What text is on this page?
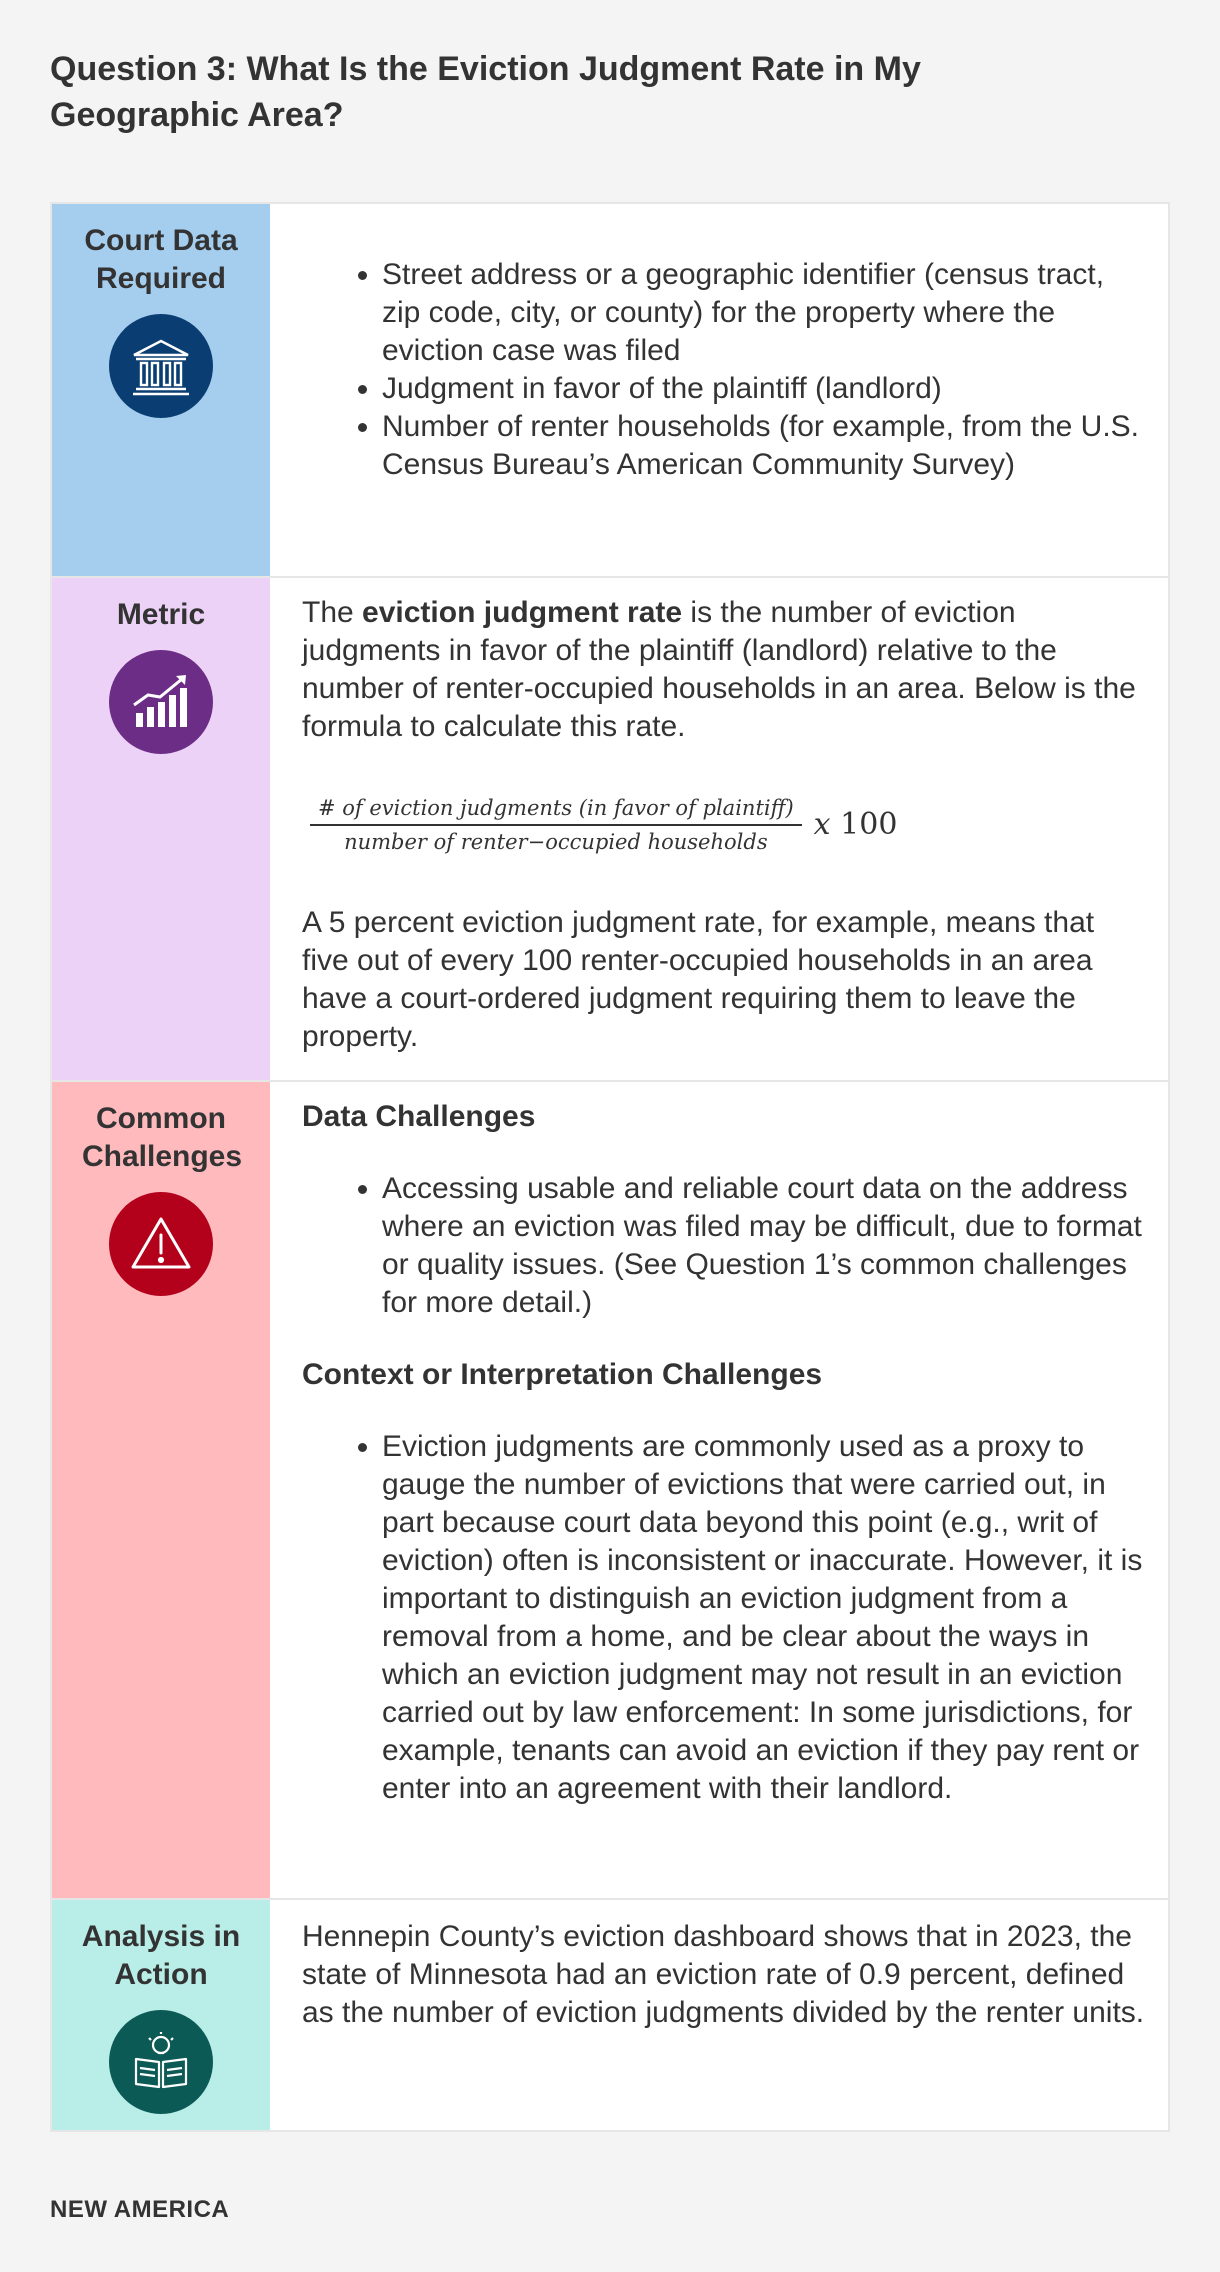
Question 3: What Is the Eviction Judgment Rate in My Geographic Area?
Court Data Required
•	Street address or a geographic identifier (census tract, zip code, city, or county) for the property where the eviction case was filed
• Judgment in favor of the plaintiff (landlord)
• Number of renter households (for example, from the U.S. Census Bureau’s American Community Survey)
Metric	The eviction judgment rate is the number of eviction judgments in favor of the plaintiff (landlord) relative to the number of renter-occupied households in an area. Below is the formula to calculate this rate.

$\frac{\text{\# of eviction judgments (in favor of plaintiff)}}{\text{number of renter−occupied households}}$ x 100

A 5 percent eviction judgment rate, for example, means that five out of every 100 renter-occupied households in an area have a court-ordered judgment requiring them to leave the property.

Common Challenges
Data Challenges
• Accessing usable and reliable court data on the address where an eviction was filed may be difficult, due to format or quality issues. (See Question 1’s common challenges for more detail.)
Context or Interpretation Challenges
• Eviction judgments are commonly used as a proxy to gauge the number of evictions that were carried out, in part because court data beyond this point (e.g., writ of eviction) often is inconsistent or inaccurate. However, it is important to distinguish an eviction judgment from a removal from a home, and be clear about the ways in which an eviction judgment may not result in an eviction carried out by law enforcement: In some jurisdictions, for example, tenants can avoid an eviction if they pay rent or enter into an agreement with their landlord.
Analysis in Action

Hennepin County’s eviction dashboard shows that in 2023, the state of Minnesota had an eviction rate of 0.9 percent, defined as the number of eviction judgments divided by the renter units.

NEW AMERICA
